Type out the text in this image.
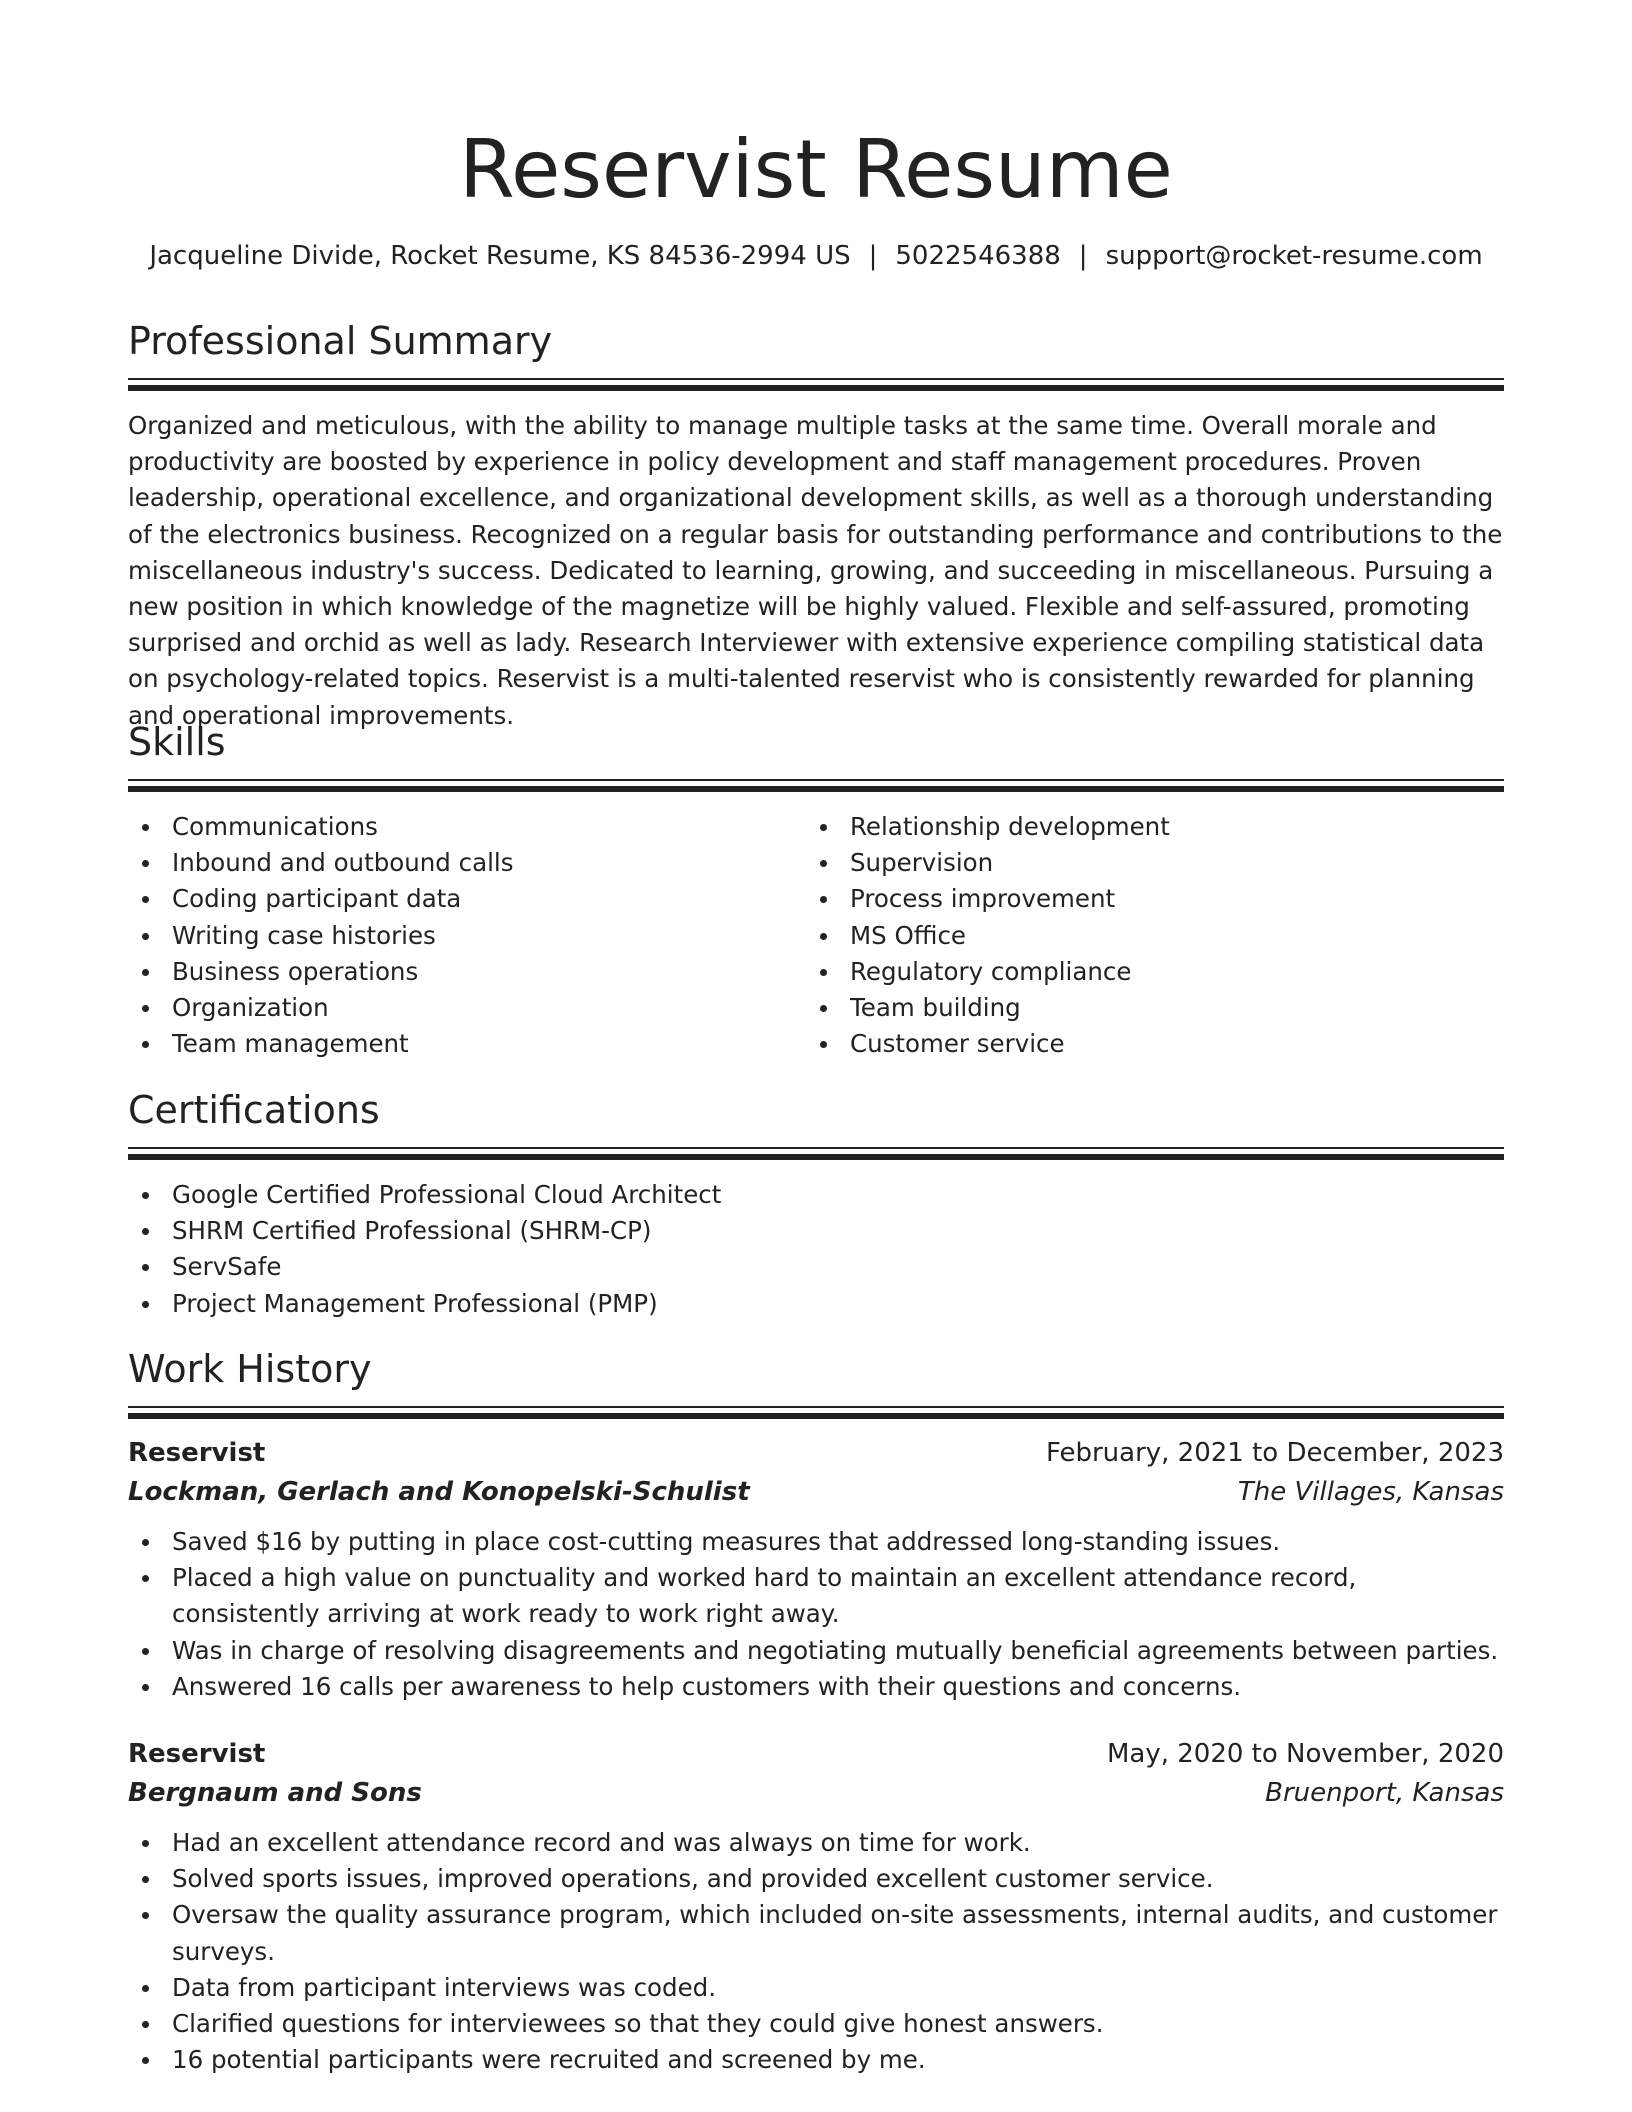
Reservist Resume
Jacqueline Divide, Rocket Resume, KS 84536-2994 US | 5022546388 | support@rocket-resume.com
Professional Summary

Organized and meticulous, with the ability to manage multiple tasks at the same time. Overall morale and productivity are boosted by experience in policy development and staff management procedures. Proven leadership, operational excellence, and organizational development skills, as well as a thorough understanding of the electronics business. Recognized on a regular basis for outstanding performance and contributions to the miscellaneous industry's success. Dedicated to learning, growing, and succeeding in miscellaneous. Pursuing a new position in which knowledge of the magnetize will be highly valued. Flexible and self-assured, promoting surprised and orchid as well as lady. Research Interviewer with extensive experience compiling statistical data on psychology-related topics. Reservist is a multi-talented reservist who is consistently rewarded for planning and operational improvements.

Skills
Communications
Inbound and outbound calls
Coding participant data
Writing case histories
Business operations
Organization
Team management
Relationship development
Supervision
Process improvement
MS Office
Regulatory compliance
Team building
Customer service
Certifications
Google Certified Professional Cloud Architect
SHRM Certified Professional (SHRM-CP)
ServSafe
Project Management Professional (PMP)
Work History
Reservist	February, 2021 to December, 2023
Lockman, Gerlach and Konopelski-Schulist	The Villages, Kansas
Saved $16 by putting in place cost-cutting measures that addressed long-standing issues.
Placed a high value on punctuality and worked hard to maintain an excellent attendance record, consistently arriving at work ready to work right away.
Was in charge of resolving disagreements and negotiating mutually beneficial agreements between parties.
Answered 16 calls per awareness to help customers with their questions and concerns.
Reservist	May, 2020 to November, 2020
Bergnaum and Sons	Bruenport, Kansas
Had an excellent attendance record and was always on time for work.
Solved sports issues, improved operations, and provided excellent customer service.
Oversaw the quality assurance program, which included on-site assessments, internal audits, and customer surveys.
Data from participant interviews was coded.
Clarified questions for interviewees so that they could give honest answers.
16 potential participants were recruited and screened by me.
